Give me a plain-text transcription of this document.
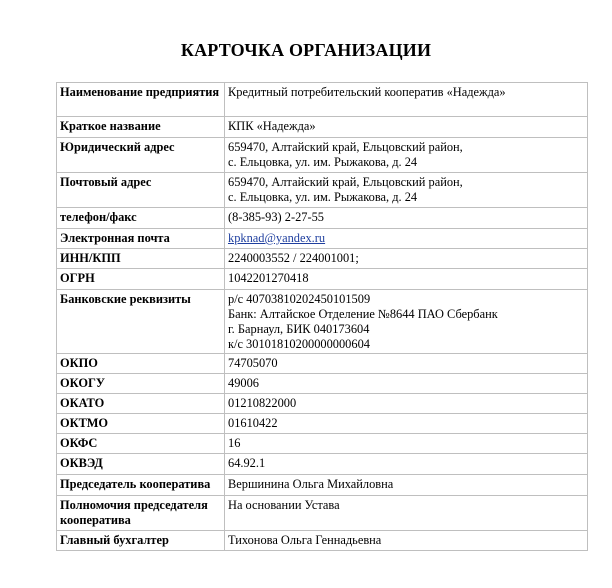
КАРТОЧКА ОРГАНИЗАЦИИ
Наименование предприятия	Кредитный потребительский кооператив «Надежда»
Краткое название	КПК «Надежда»
Юридический адрес	659470, Алтайский край, Ельцовский район,
с. Ельцовка, ул. им. Рыжакова, д. 24
Почтовый адрес	659470, Алтайский край, Ельцовский район,
с. Ельцовка, ул. им. Рыжакова, д. 24
телефон/факс	(8-385-93) 2-27-55
Электронная почта	kpknad@yandex.ru
ИНН/КПП	2240003552 / 224001001;
ОГРН	1042201270418
Банковские реквизиты	р/с 40703810202450101509
Банк: Алтайское Отделение №8644 ПАО Сбербанк
г. Барнаул, БИК 040173604
к/с 30101810200000000604
ОКПО	74705070
ОКОГУ	49006
ОКАТО	01210822000
ОКТМО	01610422
ОКФС	16
ОКВЭД	64.92.1
Председатель кооператива	Вершинина Ольга Михайловна
Полномочия председателя кооператива	На основании Устава
Главный бухгалтер	Тихонова Ольга Геннадьевна
